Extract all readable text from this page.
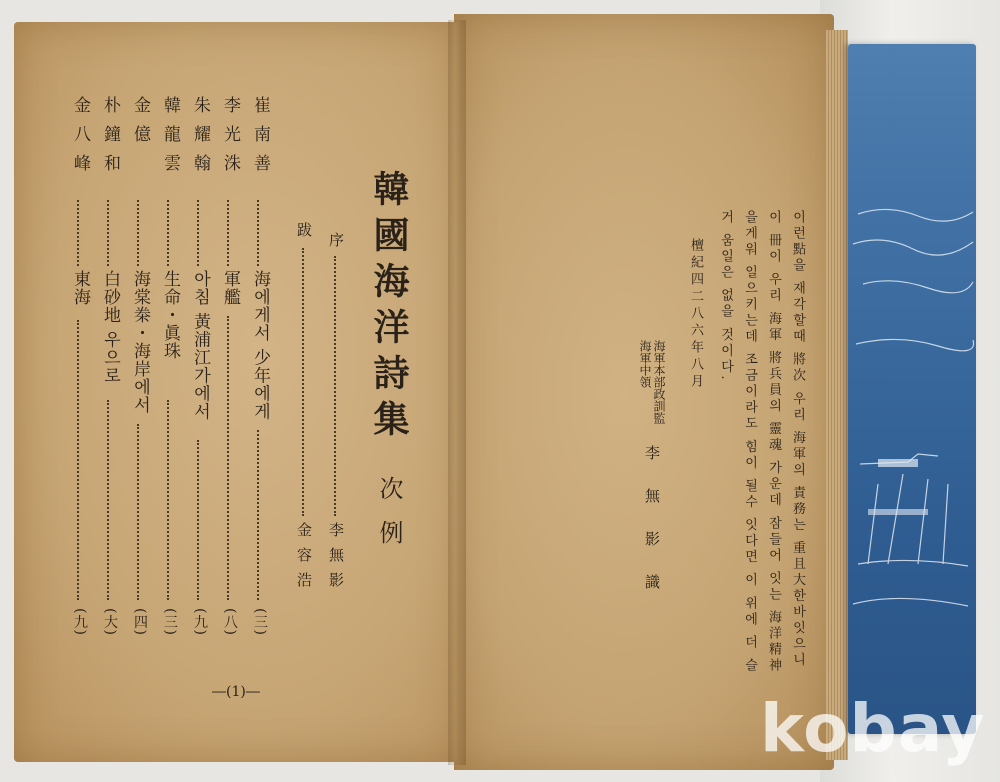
韓國海洋詩集
次例
序
李無影
跋
金容浩
崔南善
海에게서 少年에게
(三)
李光洙
軍艦
(八)
朱耀翰
아침 黃浦江가에서
(九)
韓龍雲
生命・眞珠
(三)
金億
海棠桊・海岸에서
(四)
朴鐘和
白砂地 우으로
(大)
金八峰
東海
(九)
―(1)―
이런點을 재각할때 將次 우리 海軍의 責務는 重且大한바잇으니
이 冊이 우리 海軍 將兵員의 靈魂 가운데 잠들어 잇는 海洋精神
을게워 일으키는데 조금이라도 힘이 될수 잇다면 이 위에 더 슬
거 움일은 없을 것이다.
檀紀四二八六年八月
海軍本部政訓監
海軍中領
李無影識
kobay
